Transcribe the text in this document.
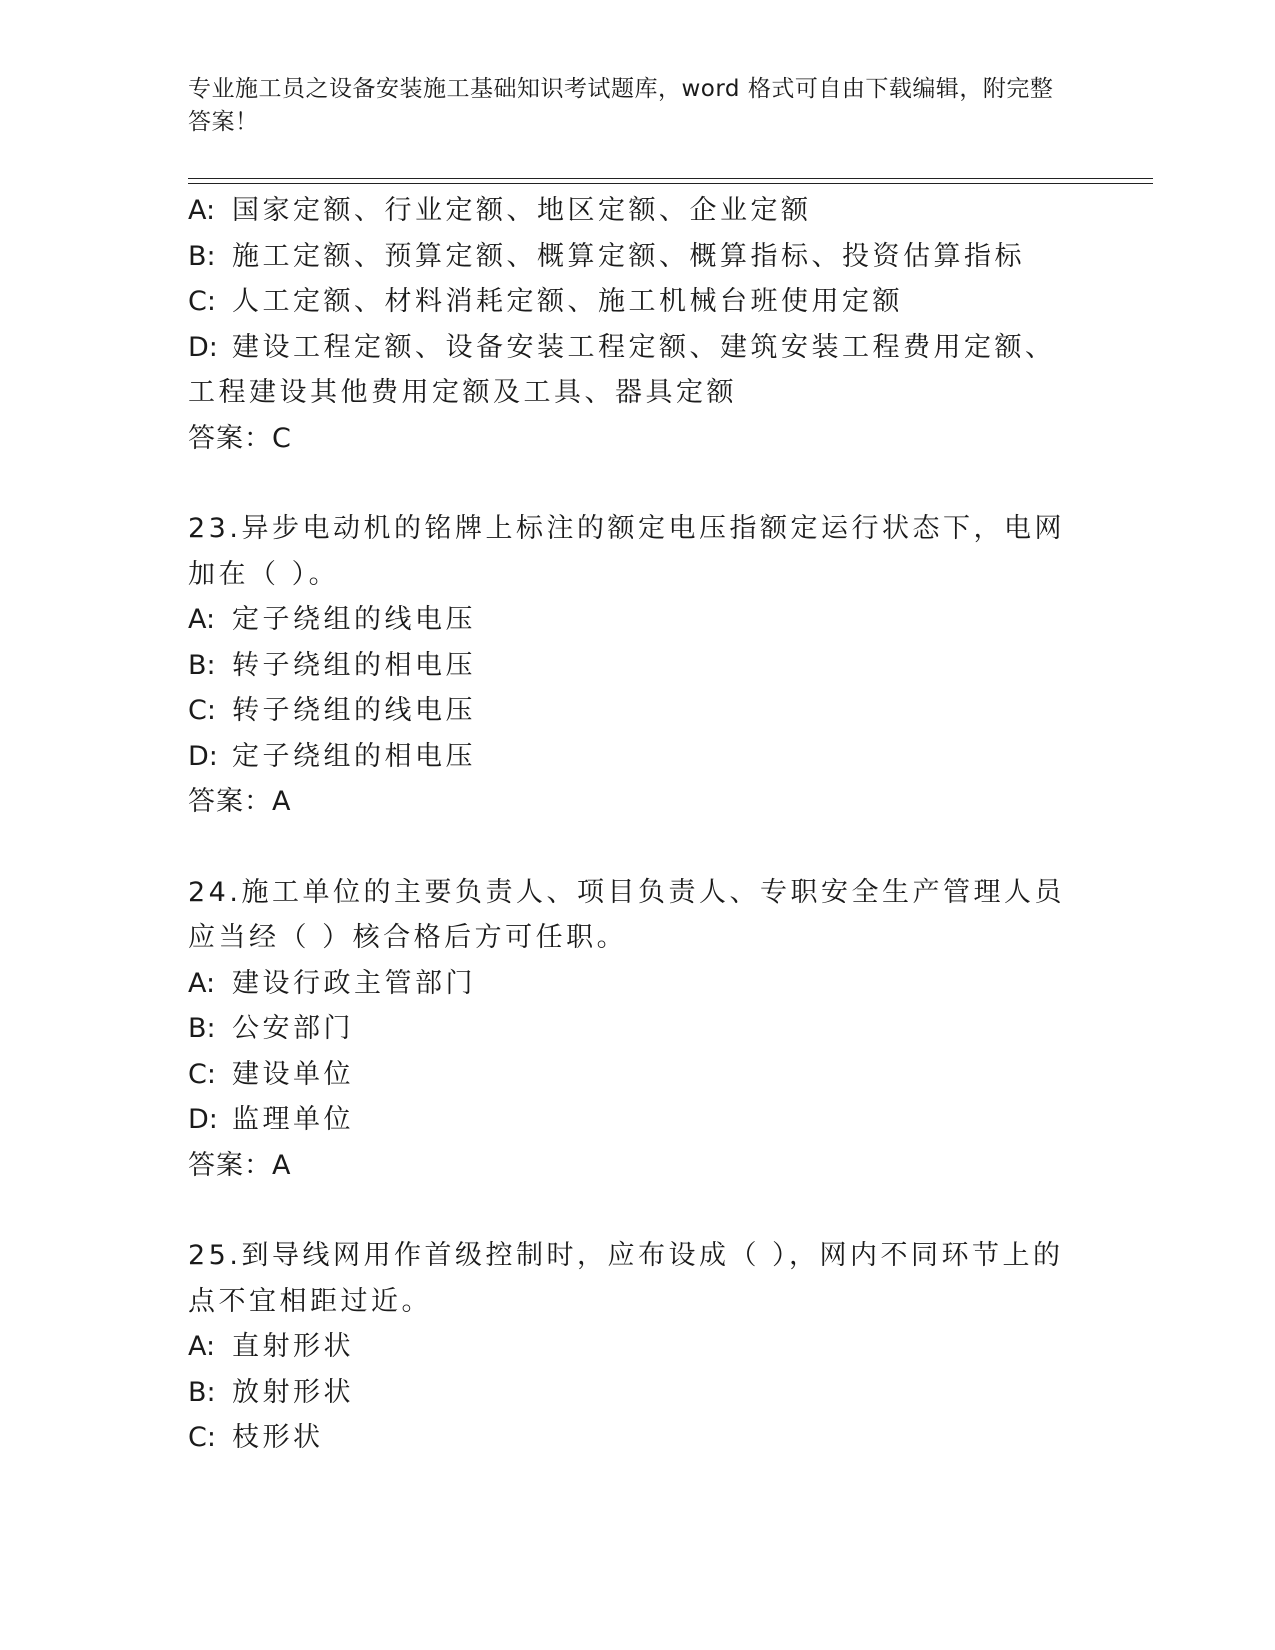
专业施工员之设备安装施工基础知识考试题库，word 格式可自由下载编辑，附完整答案！
A: 国家定额、行业定额、地区定额、企业定额
B: 施工定额、预算定额、概算定额、概算指标、投资估算指标
C: 人工定额、材料消耗定额、施工机械台班使用定额
D: 建设工程定额、设备安装工程定额、建筑安装工程费用定额、工程建设其他费用定额及工具、器具定额
答案：C
23.异步电动机的铭牌上标注的额定电压指额定运行状态下，电网加在（ ）。
A: 定子绕组的线电压
B: 转子绕组的相电压
C: 转子绕组的线电压
D: 定子绕组的相电压
答案：A
24.施工单位的主要负责人、项目负责人、专职安全生产管理人员应当经（ ）核合格后方可任职。
A: 建设行政主管部门
B: 公安部门
C: 建设单位
D: 监理单位
答案：A
25.到导线网用作首级控制时，应布设成（ ），网内不同环节上的点不宜相距过近。
A: 直射形状
B: 放射形状
C: 枝形状
